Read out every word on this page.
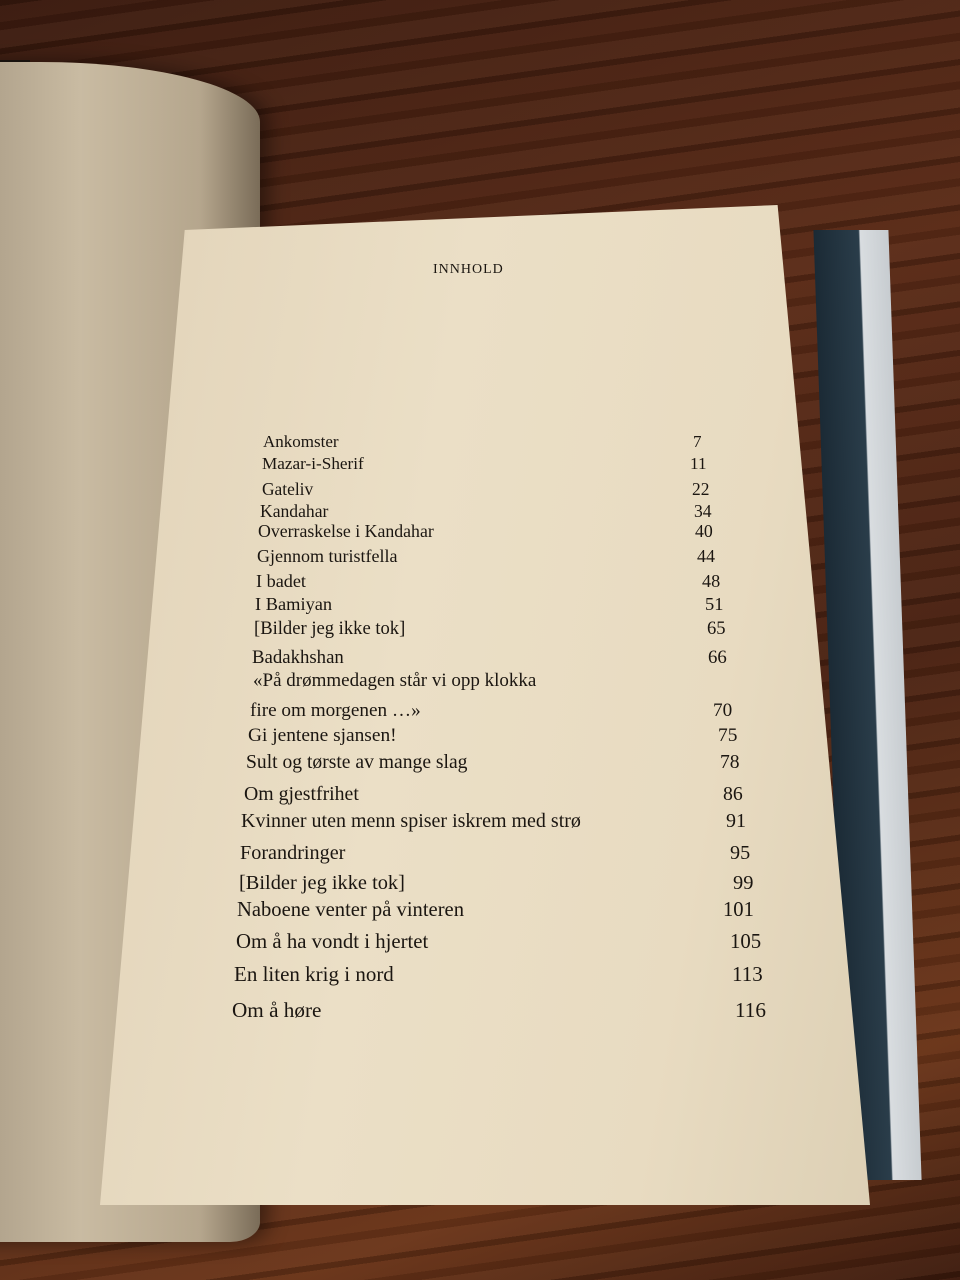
INNHOLD
Ankomster	7
Mazar-i-Sherif	11
Gateliv	22
Kandahar	34
Overraskelse i Kandahar	40
Gjennom turistfella	44
I badet	48
I Bamiyan	51
[Bilder jeg ikke tok]	65
Badakhshan	66
«På drømmedagen står vi opp klokka
fire om morgenen …»	70
Gi jentene sjansen!	75
Sult og tørste av mange slag	78
Om gjestfrihet	86
Kvinner uten menn spiser iskrem med strø	91
Forandringer	95
[Bilder jeg ikke tok]	99
Naboene venter på vinteren	101
Om å ha vondt i hjertet	105
En liten krig i nord	113
Om å høre	116
